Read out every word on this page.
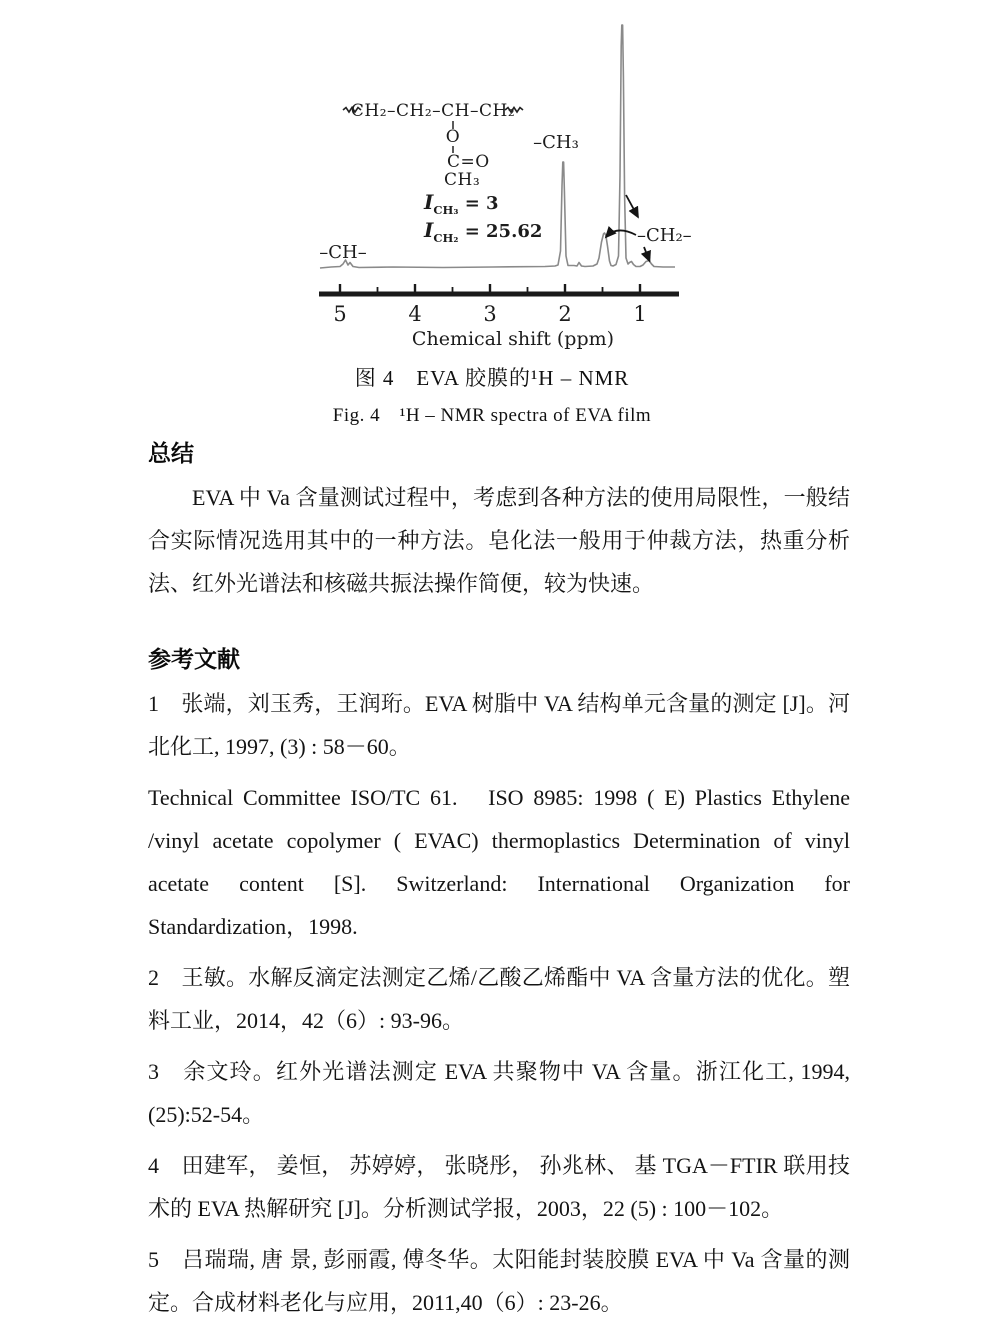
CH₂–CH₂–CH–CH₂
O
C=O
CH₃
$I_{CH_3} = 3$
$I_{CH_2} = 25.62$
–CH–
–CH₃
–CH₂–
5	4	3	2	1
Chemical shift (ppm)
图 4　EVA 胶膜的¹H – NMR
Fig. 4　¹H – NMR spectra of EVA film
总结

EVA 中 Va 含量测试过程中，考虑到各种方法的使用局限性，一般结合实际情况选用其中的一种方法。皂化法一般用于仲裁方法，热重分析法、红外光谱法和核磁共振法操作简便，较为快速。

参考文献

1　张端，刘玉秀，王润珩。EVA 树脂中 VA 结构单元含量的测定 [J]。河北化工, 1997, (3) : 58－60。

Technical Committee ISO/TC 61.　ISO 8985: 1998 ( E) Plastics Ethylene /vinyl acetate copolymer ( EVAC) thermoplastics Determination of vinyl acetate content [S]. Switzerland: International Organization for Standardization，1998.

2　王敏。水解反滴定法测定乙烯/乙酸乙烯酯中 VA 含量方法的优化。塑料工业，2014，42（6）: 93-96。

3　余文玲。红外光谱法测定 EVA 共聚物中 VA 含量。浙江化工, 1994, (25):52-54。

4　田建军， 姜恒， 苏婷婷， 张晓彤， 孙兆林、 基 TGA－FTIR 联用技术的 EVA 热解研究 [J]。分析测试学报，2003，22 (5) : 100－102。

5　吕瑞瑞, 唐 景, 彭丽霞, 傅冬华。太阳能封装胶膜 EVA 中 Va 含量的测定。合成材料老化与应用，2011,40（6）: 23-26。
